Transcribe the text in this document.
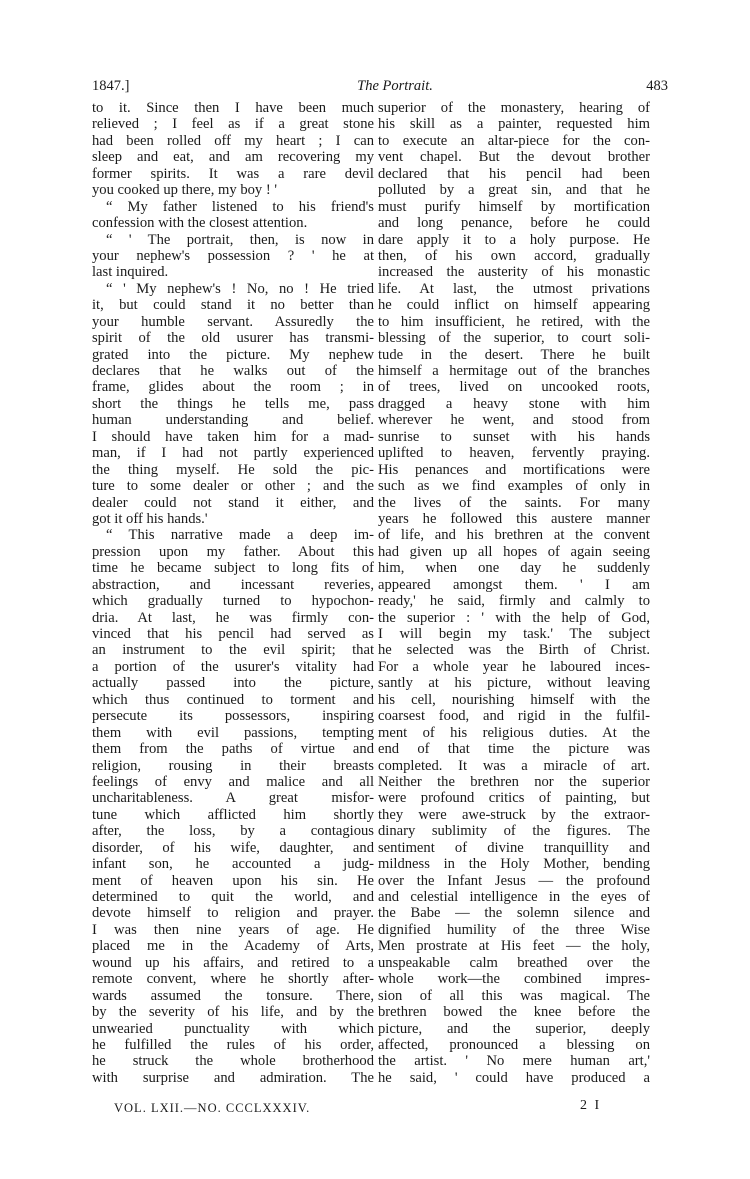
1847.]	The Portrait.	483
to it. Since then I have been much
relieved ; I feel as if a great stone
had been rolled off my heart ; I can
sleep and eat, and am recovering my
former spirits. It was a rare devil
you cooked up there, my boy ! '
“ My father listened to his friend's
confession with the closest attention.
“ ' The portrait, then, is now in
your nephew's possession ? ' he at
last inquired.
“ ' My nephew's ! No, no ! He tried
it, but could stand it no better than
your humble servant. Assuredly the
spirit of the old usurer has transmi-
grated into the picture. My nephew
declares that he walks out of the
frame, glides about the room ; in
short the things he tells me, pass
human understanding and belief.
I should have taken him for a mad-
man, if I had not partly experienced
the thing myself. He sold the pic-
ture to some dealer or other ; and the
dealer could not stand it either, and
got it off his hands.'
“ This narrative made a deep im-
pression upon my father. About this
time he became subject to long fits of
abstraction, and incessant reveries,
which gradually turned to hypochon-
dria. At last, he was firmly con-
vinced that his pencil had served as
an instrument to the evil spirit; that
a portion of the usurer's vitality had
actually passed into the picture,
which thus continued to torment and
persecute its possessors, inspiring
them with evil passions, tempting
them from the paths of virtue and
religion, rousing in their breasts
feelings of envy and malice and all
uncharitableness. A great misfor-
tune which afflicted him shortly
after, the loss, by a contagious
disorder, of his wife, daughter, and
infant son, he accounted a judg-
ment of heaven upon his sin. He
determined to quit the world, and
devote himself to religion and prayer.
I was then nine years of age. He
placed me in the Academy of Arts,
wound up his affairs, and retired to a
remote convent, where he shortly after-
wards assumed the tonsure. There,
by the severity of his life, and by the
unwearied punctuality with which
he fulfilled the rules of his order,
he struck the whole brotherhood
with surprise and admiration. The
superior of the monastery, hearing of
his skill as a painter, requested him
to execute an altar-piece for the con-
vent chapel. But the devout brother
declared that his pencil had been
polluted by a great sin, and that he
must purify himself by mortification
and long penance, before he could
dare apply it to a holy purpose. He
then, of his own accord, gradually
increased the austerity of his monastic
life. At last, the utmost privations
he could inflict on himself appearing
to him insufficient, he retired, with the
blessing of the superior, to court soli-
tude in the desert. There he built
himself a hermitage out of the branches
of trees, lived on uncooked roots,
dragged a heavy stone with him
wherever he went, and stood from
sunrise to sunset with his hands
uplifted to heaven, fervently praying.
His penances and mortifications were
such as we find examples of only in
the lives of the saints. For many
years he followed this austere manner
of life, and his brethren at the convent
had given up all hopes of again seeing
him, when one day he suddenly
appeared amongst them. ' I am
ready,' he said, firmly and calmly to
the superior : ' with the help of God,
I will begin my task.' The subject
he selected was the Birth of Christ.
For a whole year he laboured inces-
santly at his picture, without leaving
his cell, nourishing himself with the
coarsest food, and rigid in the fulfil-
ment of his religious duties. At the
end of that time the picture was
completed. It was a miracle of art.
Neither the brethren nor the superior
were profound critics of painting, but
they were awe-struck by the extraor-
dinary sublimity of the figures. The
sentiment of divine tranquillity and
mildness in the Holy Mother, bending
over the Infant Jesus — the profound
and celestial intelligence in the eyes of
the Babe — the solemn silence and
dignified humility of the three Wise
Men prostrate at His feet — the holy,
unspeakable calm breathed over the
whole work—the combined impres-
sion of all this was magical. The
brethren bowed the knee before the
picture, and the superior, deeply
affected, pronounced a blessing on
the artist. ' No mere human art,'
he said, ' could have produced a
VOL. LXII.—NO. CCCLXXXIV.	2 I
